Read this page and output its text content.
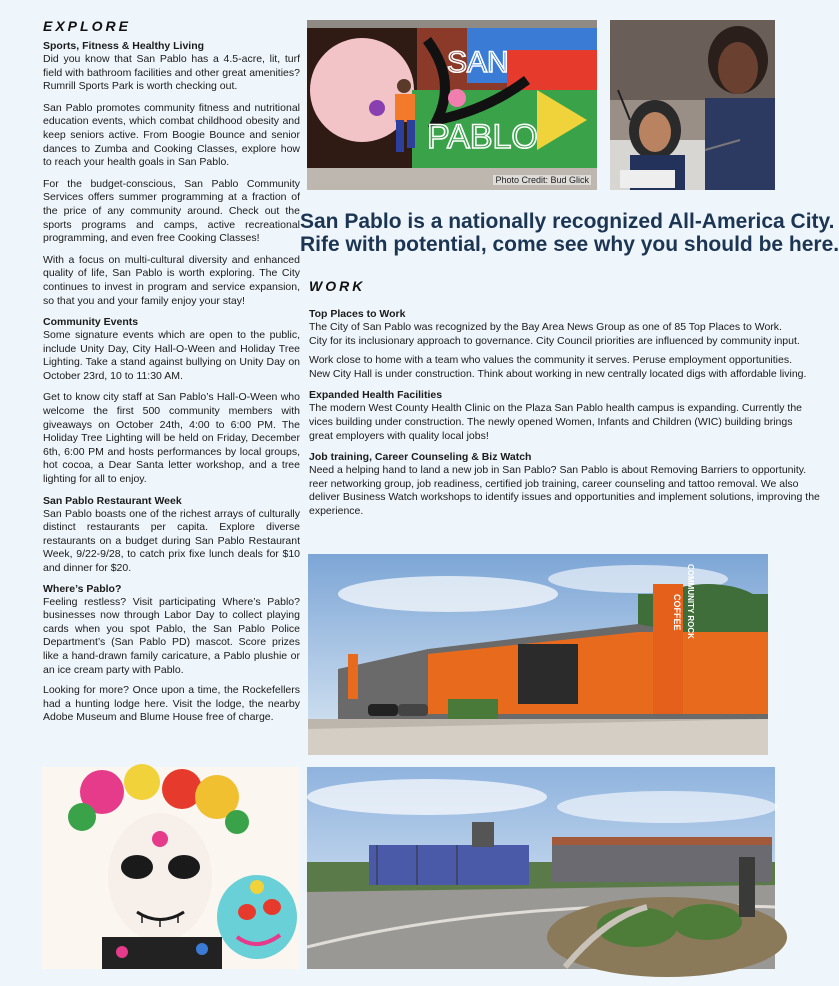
EXPLORE

Sports, Fitness & Healthy Living

Did you know that San Pablo has a 4.5-acre, lit, turf field with bathroom facilities and other great amenities? Rumrill Sports Park is worth checking out.

San Pablo promotes community fitness and nutritional education events, which combat childhood obesity and keep seniors active. From Boogie Bounce and senior dances to Zumba and Cooking Classes, explore how to reach your health goals in San Pablo.

For the budget-conscious, San Pablo Community Services offers summer programming at a fraction of the price of any community around. Check out the sports programs and camps, active recreational programming, and even free Cooking Classes!

With a focus on multi-cultural diversity and enhanced quality of life, San Pablo is worth exploring. The City continues to invest in program and service expansion, so that you and your family enjoy your stay!

Community Events

Some signature events which are open to the public, include Unity Day, City Hall-O-Ween and Holiday Tree Lighting. Take a stand against bullying on Unity Day on October 23rd, 10 to 11:30 AM.

Get to know city staff at San Pablo’s Hall-O-Ween who welcome the first 500 community members with giveaways on October 24th, 4:00 to 6:00 PM. The Holiday Tree Lighting will be held on Friday, December 6th, 6:00 PM and hosts performances by local groups, hot cocoa, a Dear Santa letter workshop, and a tree lighting for all to enjoy.

San Pablo Restaurant Week

San Pablo boasts one of the richest arrays of culturally distinct restaurants per capita. Explore diverse restaurants on a budget during San Pablo Restaurant Week, 9/22-9/28, to catch prix fixe lunch deals for $10 and dinner for $20.

Where’s Pablo?

Feeling restless? Visit participating Where’s Pablo? businesses now through Labor Day to collect playing cards when you spot Pablo, the San Pablo Police Department’s (San Pablo PD) mascot. Score prizes like a hand-drawn family caricature, a Pablo plushie or an ice cream party with Pablo.

Looking for more? Once upon a time, the Rockefellers had a hunting lodge here. Visit the lodge, the nearby Adobe Museum and Blume House free of charge.

SAN
PABLO
Photo Credit: Bud Glick
San Pablo is a nationally recognized All-America City.
Rife with potential, come see why you should be here.
WORK

Top Places to Work

The City of San Pablo was recognized by the Bay Area News Group as one of 85 Top Places to Work.
City for its inclusionary approach to governance. City Council priorities are influenced by community input.
Work close to home with a team who values the community it serves. Peruse employment opportunities.
New City Hall is under construction. Think about working in new centrally located digs with affordable living.

Expanded Health Facilities

The modern West County Health Clinic on the Plaza San Pablo health campus is expanding. Currently the
vices building under construction. The newly opened Women, Infants and Children (WIC) building brings
great employers with quality local jobs!

Job training, Career Counseling & Biz Watch

Need a helping hand to land a new job in San Pablo? San Pablo is about Removing Barriers to opportunity.
reer networking group, job readiness, certified job training, career counseling and tattoo removal. We also
deliver Business Watch workshops to identify issues and opportunities and implement solutions, improving the
experience.
COFFEE COMMUNITY ROCK
